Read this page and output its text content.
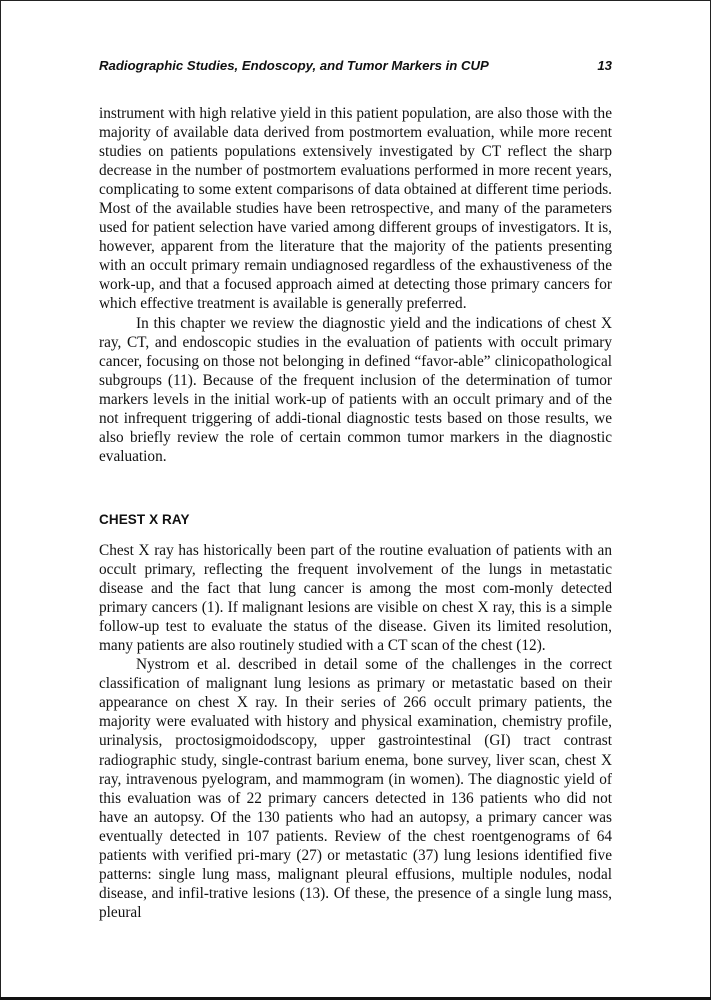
Radiographic Studies, Endoscopy, and Tumor Markers in CUP	13

instrument with high relative yield in this patient population, are also those with the majority of available data derived from postmortem evaluation, while more recent studies on patients populations extensively investigated by CT reflect the sharp decrease in the number of postmortem evaluations performed in more recent years, complicating to some extent comparisons of data obtained at different time periods. Most of the available studies have been retrospective, and many of the parameters used for patient selection have varied among different groups of investigators. It is, however, apparent from the literature that the majority of the patients presenting with an occult primary remain undiagnosed regardless of the exhaustiveness of the work-up, and that a focused approach aimed at detecting those primary cancers for which effective treatment is available is generally preferred.

In this chapter we review the diagnostic yield and the indications of chest X ray, CT, and endoscopic studies in the evaluation of patients with occult primary cancer, focusing on those not belonging in defined “favor-able” clinicopathological subgroups (11). Because of the frequent inclusion of the determination of tumor markers levels in the initial work-up of patients with an occult primary and of the not infrequent triggering of addi-tional diagnostic tests based on those results, we also briefly review the role of certain common tumor markers in the diagnostic evaluation.

CHEST X RAY

Chest X ray has historically been part of the routine evaluation of patients with an occult primary, reflecting the frequent involvement of the lungs in metastatic disease and the fact that lung cancer is among the most com-monly detected primary cancers (1). If malignant lesions are visible on chest X ray, this is a simple follow-up test to evaluate the status of the disease. Given its limited resolution, many patients are also routinely studied with a CT scan of the chest (12).

Nystrom et al. described in detail some of the challenges in the correct classification of malignant lung lesions as primary or metastatic based on their appearance on chest X ray. In their series of 266 occult primary patients, the majority were evaluated with history and physical examination, chemistry profile, urinalysis, proctosigmoidodscopy, upper gastrointestinal (GI) tract contrast radiographic study, single-contrast barium enema, bone survey, liver scan, chest X ray, intravenous pyelogram, and mammogram (in women). The diagnostic yield of this evaluation was of 22 primary cancers detected in 136 patients who did not have an autopsy. Of the 130 patients who had an autopsy, a primary cancer was eventually detected in 107 patients. Review of the chest roentgenograms of 64 patients with verified pri-mary (27) or metastatic (37) lung lesions identified five patterns: single lung mass, malignant pleural effusions, multiple nodules, nodal disease, and infil-trative lesions (13). Of these, the presence of a single lung mass, pleural
